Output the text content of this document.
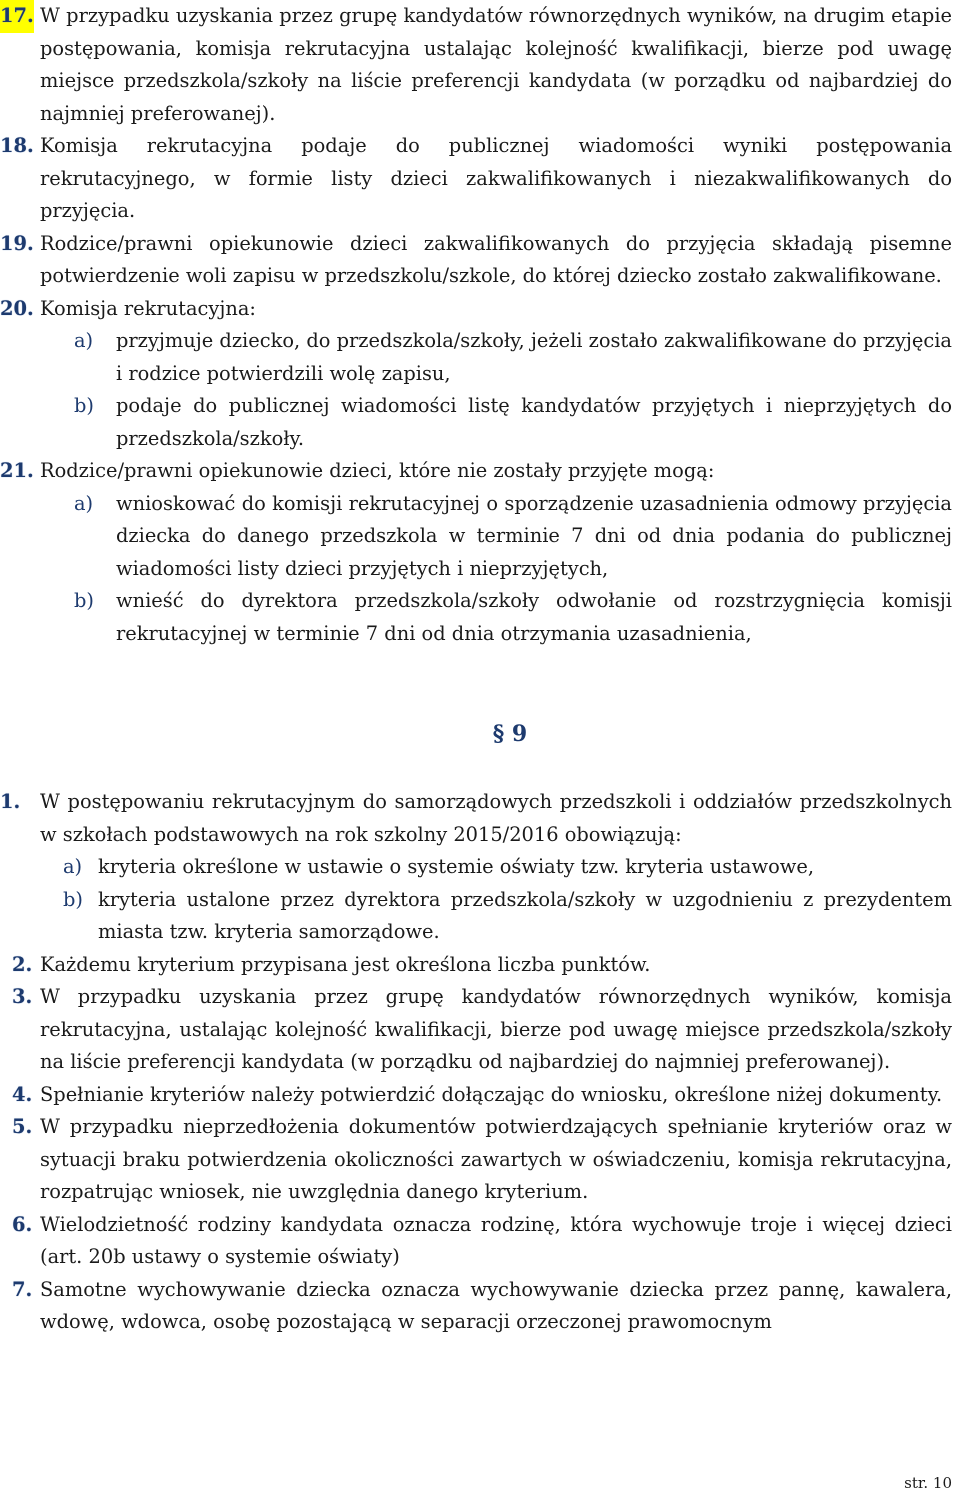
17. W przypadku uzyskania przez grupę kandydatów równorzędnych wyników, na drugim etapie postępowania, komisja rekrutacyjna ustalając kolejność kwalifikacji, bierze pod uwagę miejsce przedszkola/szkoły na liście preferencji kandydata (w porządku od najbardziej do najmniej preferowanej).
18. Komisja rekrutacyjna podaje do publicznej wiadomości wyniki postępowania rekrutacyjnego, w formie listy dzieci zakwalifikowanych i niezakwalifikowanych do przyjęcia.
19. Rodzice/prawni opiekunowie dzieci zakwalifikowanych do przyjęcia składają pisemne potwierdzenie woli zapisu w przedszkolu/szkole, do której dziecko zostało zakwalifikowane.
20. Komisja rekrutacyjna:
a) przyjmuje dziecko, do przedszkola/szkoły, jeżeli zostało zakwalifikowane do przyjęcia i rodzice potwierdzili wolę zapisu,
b) podaje do publicznej wiadomości listę kandydatów przyjętych i nieprzyjętych do przedszkola/szkoły.
21. Rodzice/prawni opiekunowie dzieci, które nie zostały przyjęte mogą:
a) wnioskować do komisji rekrutacyjnej o sporządzenie uzasadnienia odmowy przyjęcia dziecka do danego przedszkola w terminie 7 dni od dnia podania do publicznej wiadomości listy dzieci przyjętych i nieprzyjętych,
b) wnieść do dyrektora przedszkola/szkoły odwołanie od rozstrzygnięcia komisji rekrutacyjnej w terminie 7 dni od dnia otrzymania uzasadnienia,
§ 9
1. W postępowaniu rekrutacyjnym do samorządowych przedszkoli i oddziałów przedszkolnych w szkołach podstawowych na rok szkolny 2015/2016 obowiązują:
a) kryteria określone w ustawie o systemie oświaty tzw. kryteria ustawowe,
b) kryteria ustalone przez dyrektora przedszkola/szkoły w uzgodnieniu z prezydentem miasta tzw. kryteria samorządowe.
2. Każdemu kryterium przypisana jest określona liczba punktów.
3. W przypadku uzyskania przez grupę kandydatów równorzędnych wyników, komisja rekrutacyjna, ustalając kolejność kwalifikacji, bierze pod uwagę miejsce przedszkola/szkoły na liście preferencji kandydata (w porządku od najbardziej do najmniej preferowanej).
4. Spełnianie kryteriów należy potwierdzić dołączając do wniosku, określone niżej dokumenty.
5. W przypadku nieprzedłożenia dokumentów potwierdzających spełnianie kryteriów oraz w sytuacji braku potwierdzenia okoliczności zawartych w oświadczeniu, komisja rekrutacyjna, rozpatrując wniosek, nie uwzględnia danego kryterium.
6. Wielodzietność rodziny kandydata oznacza rodzinę, która wychowuje troje i więcej dzieci (art. 20b ustawy o systemie oświaty)
7. Samotne wychowywanie dziecka oznacza wychowywanie dziecka przez pannę, kawalera, wdowę, wdowca, osobę pozostającą w separacji orzeczonej prawomocnym
str. 10
